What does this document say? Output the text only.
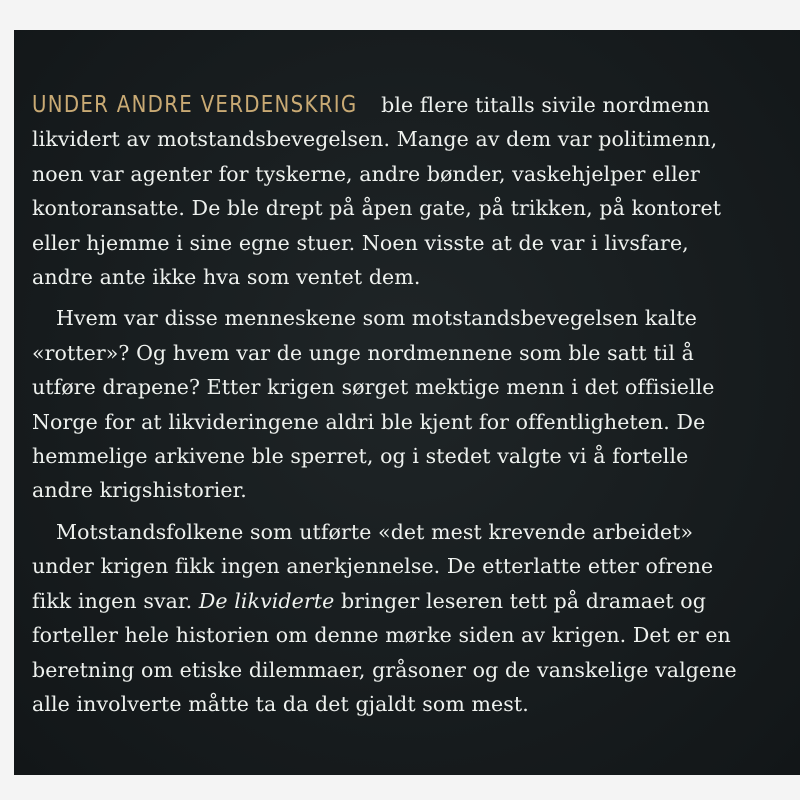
UNDER ANDRE VERDENSKRIG ble flere titalls sivile nordmenn
likvidert av motstandsbevegelsen. Mange av dem var politimenn,
noen var agenter for tyskerne, andre bønder, vaskehjelper eller
kontoransatte. De ble drept på åpen gate, på trikken, på kontoret
eller hjemme i sine egne stuer. Noen visste at de var i livsfare,
andre ante ikke hva som ventet dem.
Hvem var disse menneskene som motstandsbevegelsen kalte
«rotter»? Og hvem var de unge nordmennene som ble satt til å
utføre drapene? Etter krigen sørget mektige menn i det offisielle
Norge for at likvideringene aldri ble kjent for offentligheten. De
hemmelige arkivene ble sperret, og i stedet valgte vi å fortelle
andre krigshistorier.
Motstandsfolkene som utførte «det mest krevende arbeidet»
under krigen fikk ingen anerkjennelse. De etterlatte etter ofrene
fikk ingen svar. De likviderte bringer leseren tett på dramaet og
forteller hele historien om denne mørke siden av krigen. Det er en
beretning om etiske dilemmaer, gråsoner og de vanskelige valgene
alle involverte måtte ta da det gjaldt som mest.
